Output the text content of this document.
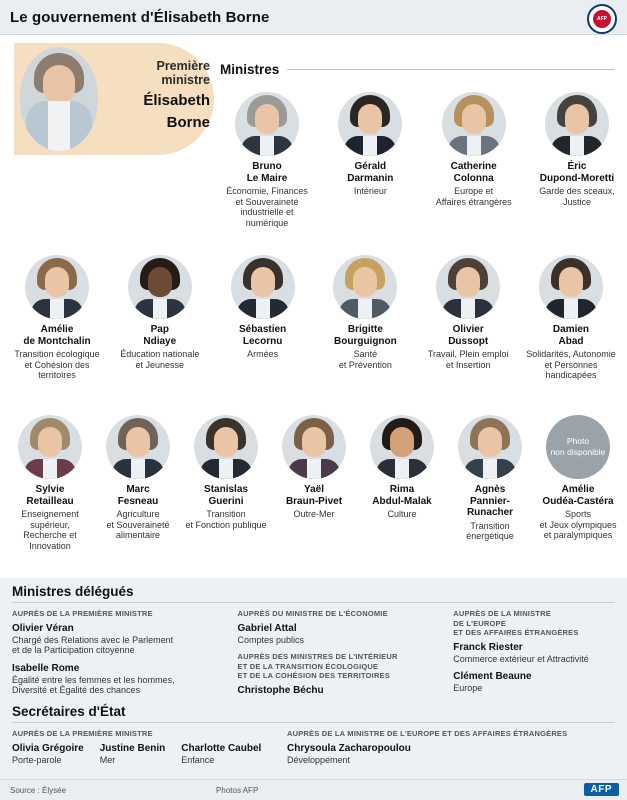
Le gouvernement d'Élisabeth Borne	AFP
Première
ministre
Élisabeth
Borne
Ministres
Bruno
Le Maire
Économie, Finances
et Souveraineté
industrielle et numérique
Gérald
Darmanin
Intérieur
Catherine
Colonna
Europe et
Affaires étrangères
Éric
Dupond-Moretti
Garde des sceaux,
Justice
Amélie
de Montchalin
Transition écologique
et Cohésion des territoires
Pap
Ndiaye
Éducation nationale
et Jeunesse
Sébastien
Lecornu
Armées
Brigitte
Bourguignon
Santé
et Prévention
Olivier
Dussopt
Travail, Plein emploi
et Insertion
Damien
Abad
Solidarités, Autonomie
et Personnes handicapées
Sylvie
Retailleau
Enseignement
supérieur,
Recherche et Innovation
Marc
Fesneau
Agriculture
et Souveraineté
alimentaire
Stanislas
Guerini
Transition
et Fonction publique
Yaël
Braun-Pivet
Outre-Mer
Rima
Abdul-Malak
Culture
Agnès
Pannier-Runacher
Transition
énergétique
Photo
non disponible
Amélie
Oudéa-Castéra
Sports
et Jeux olympiques
et paralympiques
Ministres délégués
AUPRÈS DE LA PREMIÈRE MINISTRE
Olivier Véran
Chargé des Relations avec le Parlement
et de la Participation citoyenne
Isabelle Rome
Égalité entre les femmes et les hommes,
Diversité et Égalité des chances
AUPRÈS DU MINISTRE DE L'ÉCONOMIE
Gabriel Attal
Comptes publics
AUPRÈS DES MINISTRES DE L'INTÉRIEUR
ET DE LA TRANSITION ÉCOLOGIQUE
ET DE LA COHÉSION DES TERRITOIRES
Christophe Béchu
AUPRÈS DE LA MINISTRE
DE L'EUROPE
ET DES AFFAIRES ÉTRANGÈRES
Franck Riester
Commerce extérieur et Attractivité
Clément Beaune
Europe
Secrétaires d'État
AUPRÈS DE LA PREMIÈRE MINISTRE
Olivia Grégoire
Porte-parole
Justine Benin
Mer
Charlotte Caubel
Enfance
AUPRÈS DE LA MINISTRE DE L'EUROPE ET DES AFFAIRES ÉTRANGÈRES
Chrysoula Zacharopoulou
Développement
Source : Élysée	Photos AFP	AFP
